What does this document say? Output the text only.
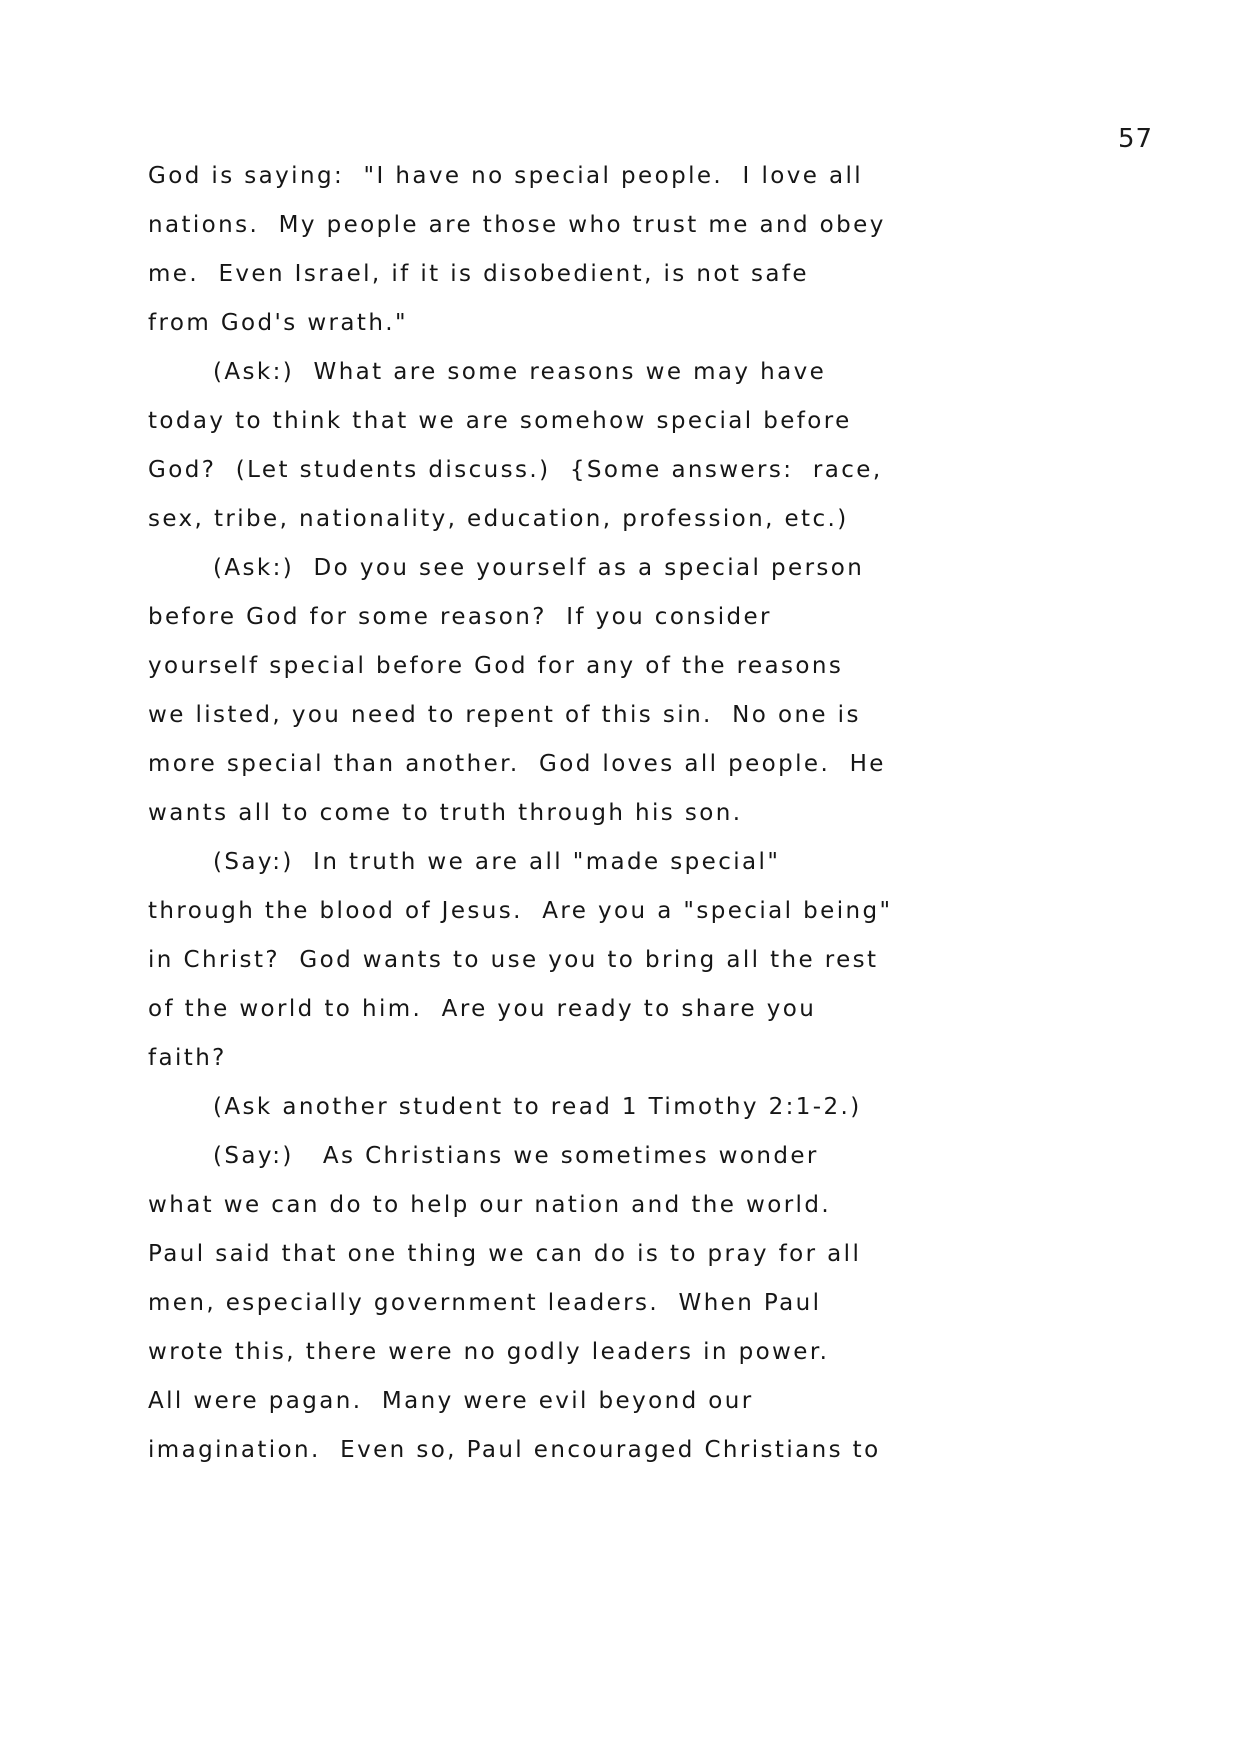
57
God is saying:  "I have no special people.  I love all
nations.  My people are those who trust me and obey
me.  Even Israel, if it is disobedient, is not safe
from God's wrath."
(Ask:)  What are some reasons we may have
today to think that we are somehow special before
God?  (Let students discuss.)  {Some answers:  race,
sex, tribe, nationality, education, profession, etc.)
(Ask:)  Do you see yourself as a special person
before God for some reason?  If you consider
yourself special before God for any of the reasons
we listed, you need to repent of this sin.  No one is
more special than another.  God loves all people.  He
wants all to come to truth through his son.
(Say:)  In truth we are all "made special"
through the blood of Jesus.  Are you a "special being"
in Christ?  God wants to use you to bring all the rest
of the world to him.  Are you ready to share you
faith?
(Ask another student to read 1 Timothy 2:1-2.)
(Say:)   As Christians we sometimes wonder
what we can do to help our nation and the world.
Paul said that one thing we can do is to pray for all
men, especially government leaders.  When Paul
wrote this, there were no godly leaders in power.
All were pagan.  Many were evil beyond our
imagination.  Even so, Paul encouraged Christians to
